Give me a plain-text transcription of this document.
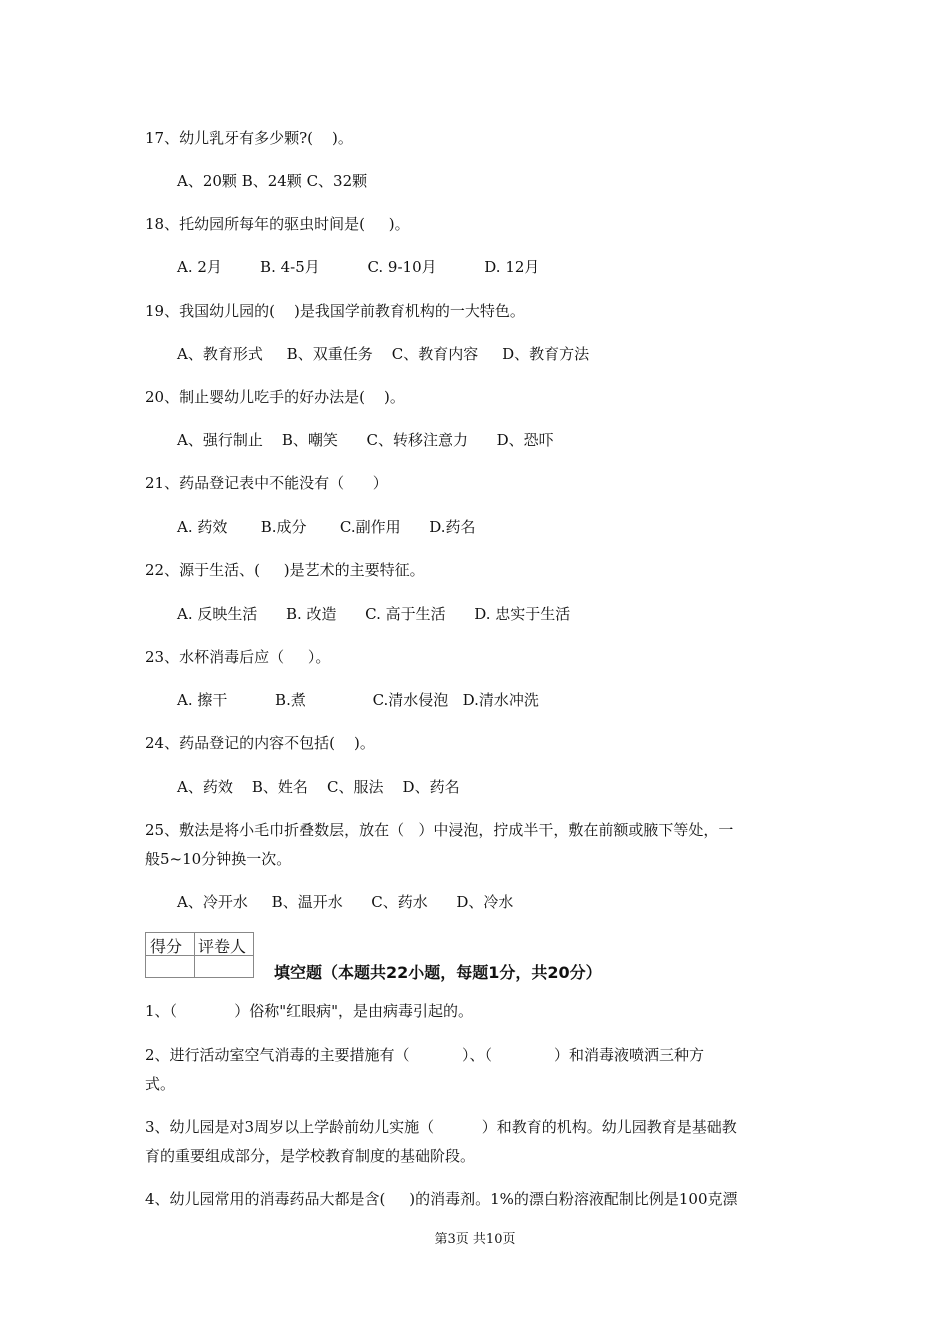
17、幼儿乳牙有多少颗?(    )。
A、20颗 B、24颗 C、32颗
18、托幼园所每年的驱虫时间是(     )。
A. 2月        B. 4-5月          C. 9-10月          D. 12月
19、我国幼儿园的(    )是我国学前教育机构的一大特色。
A、教育形式     B、双重任务    C、教育内容     D、教育方法
20、制止婴幼儿吃手的好办法是(    )。
A、强行制止    B、嘲笑      C、转移注意力      D、恐吓
21、药品登记表中不能没有（      ）
A. 药效       B.成分       C.副作用      D.药名
22、源于生活、(     )是艺术的主要特征。
A. 反映生活      B. 改造      C. 高于生活      D. 忠实于生活
23、水杯消毒后应（     ）。
A. 擦干          B.煮              C.清水侵泡   D.清水冲洗
24、药品登记的内容不包括(    )。
A、药效    B、姓名    C、服法    D、药名
25、敷法是将小毛巾折叠数层，放在（   ）中浸泡，拧成半干，敷在前额或腋下等处，一
般5~10分钟换一次。
A、冷开水     B、温开水      C、药水      D、冷水
得分 评卷人
填空题（本题共22小题，每题1分，共20分）
1、（            ）俗称"红眼病"，是由病毒引起的。
2、进行活动室空气消毒的主要措施有（           ）、（             ）和消毒液喷洒三种方
式。
3、幼儿园是对3周岁以上学龄前幼儿实施（          ）和教育的机构。幼儿园教育是基础教
育的重要组成部分，是学校教育制度的基础阶段。
4、幼儿园常用的消毒药品大都是含(     )的消毒剂。1%的漂白粉溶液配制比例是100克漂
第3页 共10页
